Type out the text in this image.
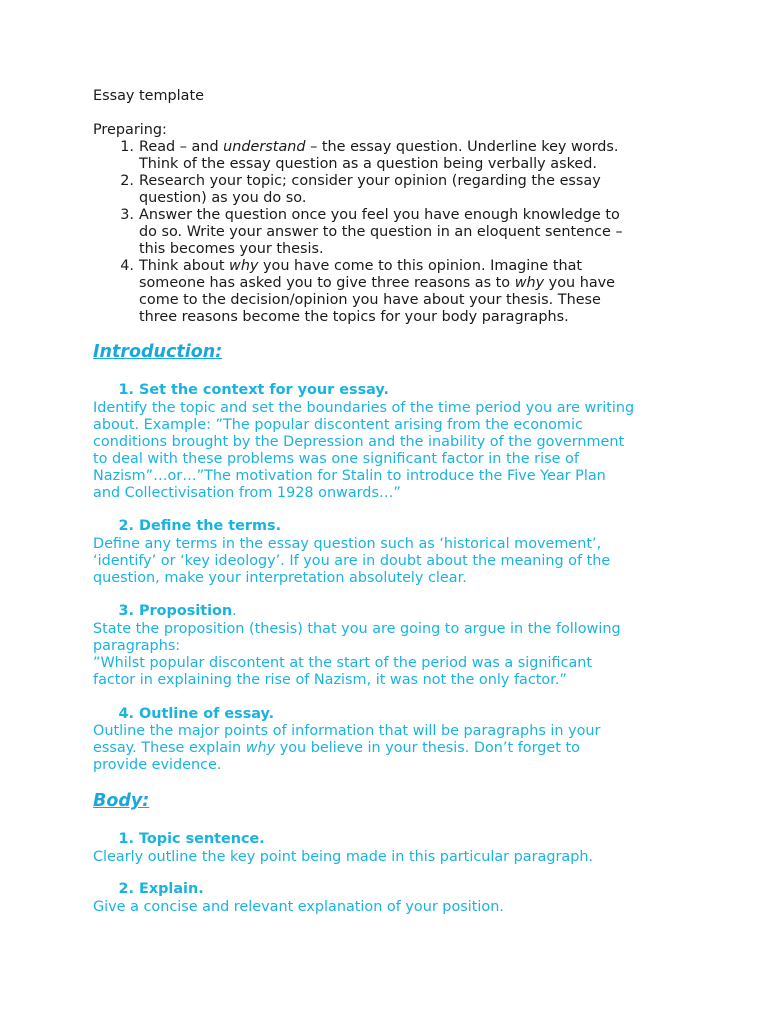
Essay template
Preparing:
1. Read – and understand – the essay question. Underline key words.
Think of the essay question as a question being verbally asked.
2. Research your topic; consider your opinion (regarding the essay
question) as you do so.
3. Answer the question once you feel you have enough knowledge to
do so. Write your answer to the question in an eloquent sentence –
this becomes your thesis.
4. Think about why you have come to this opinion. Imagine that
someone has asked you to give three reasons as to why you have
come to the decision/opinion you have about your thesis. These
three reasons become the topics for your body paragraphs.
Introduction:
1. Set the context for your essay.
Identify the topic and set the boundaries of the time period you are writing
about. Example: ”The popular discontent arising from the economic
conditions brought by the Depression and the inability of the government
to deal with these problems was one significant factor in the rise of
Nazism”…or…”The motivation for Stalin to introduce the Five Year Plan
and Collectivisation from 1928 onwards…”
2. Define the terms.
Define any terms in the essay question such as ‘historical movement’,
‘identify’ or ‘key ideology’. If you are in doubt about the meaning of the
question, make your interpretation absolutely clear.
3. Proposition.
State the proposition (thesis) that you are going to argue in the following
paragraphs:
”Whilst popular discontent at the start of the period was a significant
factor in explaining the rise of Nazism, it was not the only factor.”
4. Outline of essay.
Outline the major points of information that will be paragraphs in your
essay. These explain why you believe in your thesis. Don’t forget to
provide evidence.
Body:
1. Topic sentence.
Clearly outline the key point being made in this particular paragraph.
2. Explain.
Give a concise and relevant explanation of your position.
